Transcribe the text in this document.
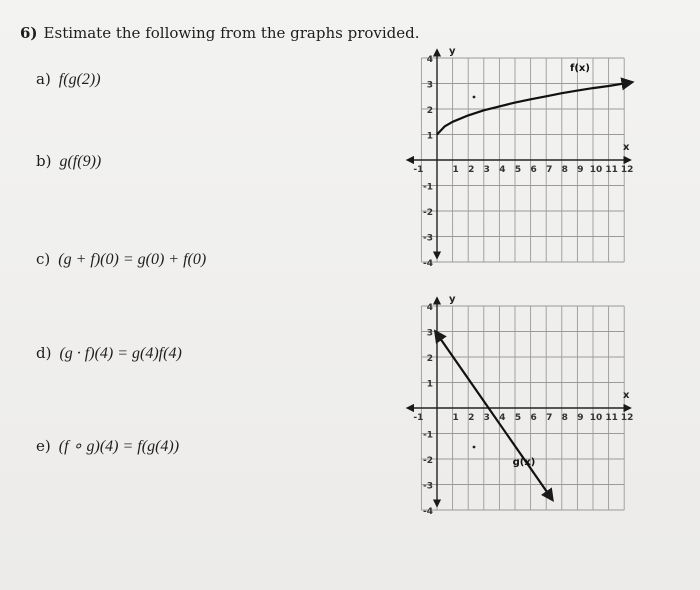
6) Estimate the following from the graphs provided.
a) f(g(2))
b) g(f(9))
c) (g + f)(0) = g(0) + f(0)
d) (g · f)(4) = g(4)f(4)
e) (f ∘ g)(4) = f(g(4))
x
y
-1	1 2 3 4 5 6 7 8 9 10 11 12
4
3
2
1
-1
-2
-3
-4
f(x)
x
y
-1	1 2 3 4 5 6 7 8 9 10 11 12
4
3
2
1
-1
-2
-3
-4
g(x)
